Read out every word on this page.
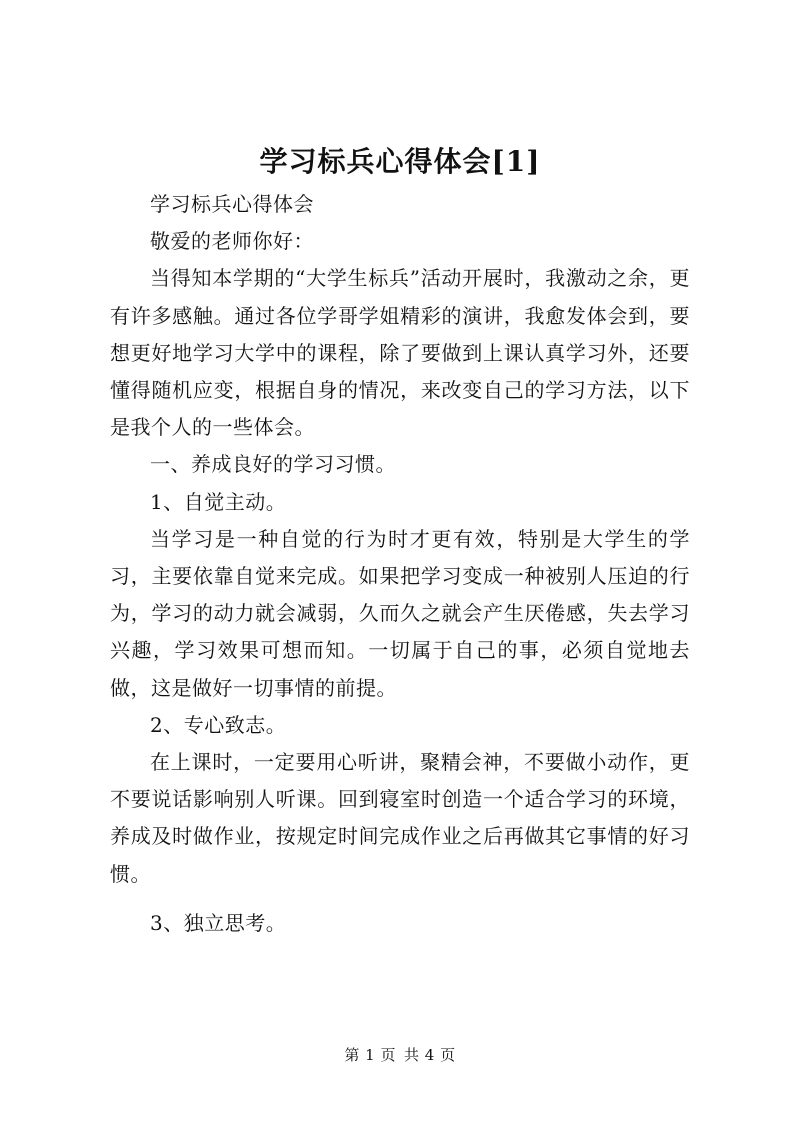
学习标兵心得体会[1]

学习标兵心得体会

敬爱的老师你好：

当得知本学期的“大学生标兵”活动开展时，我激动之余，更有许多感触。通过各位学哥学姐精彩的演讲，我愈发体会到，要想更好地学习大学中的课程，除了要做到上课认真学习外，还要懂得随机应变，根据自身的情况，来改变自己的学习方法，以下是我个人的一些体会。

一、养成良好的学习习惯。

1、自觉主动。

当学习是一种自觉的行为时才更有效，特别是大学生的学习，主要依靠自觉来完成。如果把学习变成一种被别人压迫的行为，学习的动力就会减弱，久而久之就会产生厌倦感，失去学习兴趣，学习效果可想而知。一切属于自己的事，必须自觉地去做，这是做好一切事情的前提。

2、专心致志。

在上课时，一定要用心听讲，聚精会神，不要做小动作，更不要说话影响别人听课。回到寝室时创造一个适合学习的环境，养成及时做作业，按规定时间完成作业之后再做其它事情的好习惯。

3、独立思考。

第 1 页 共 4 页
